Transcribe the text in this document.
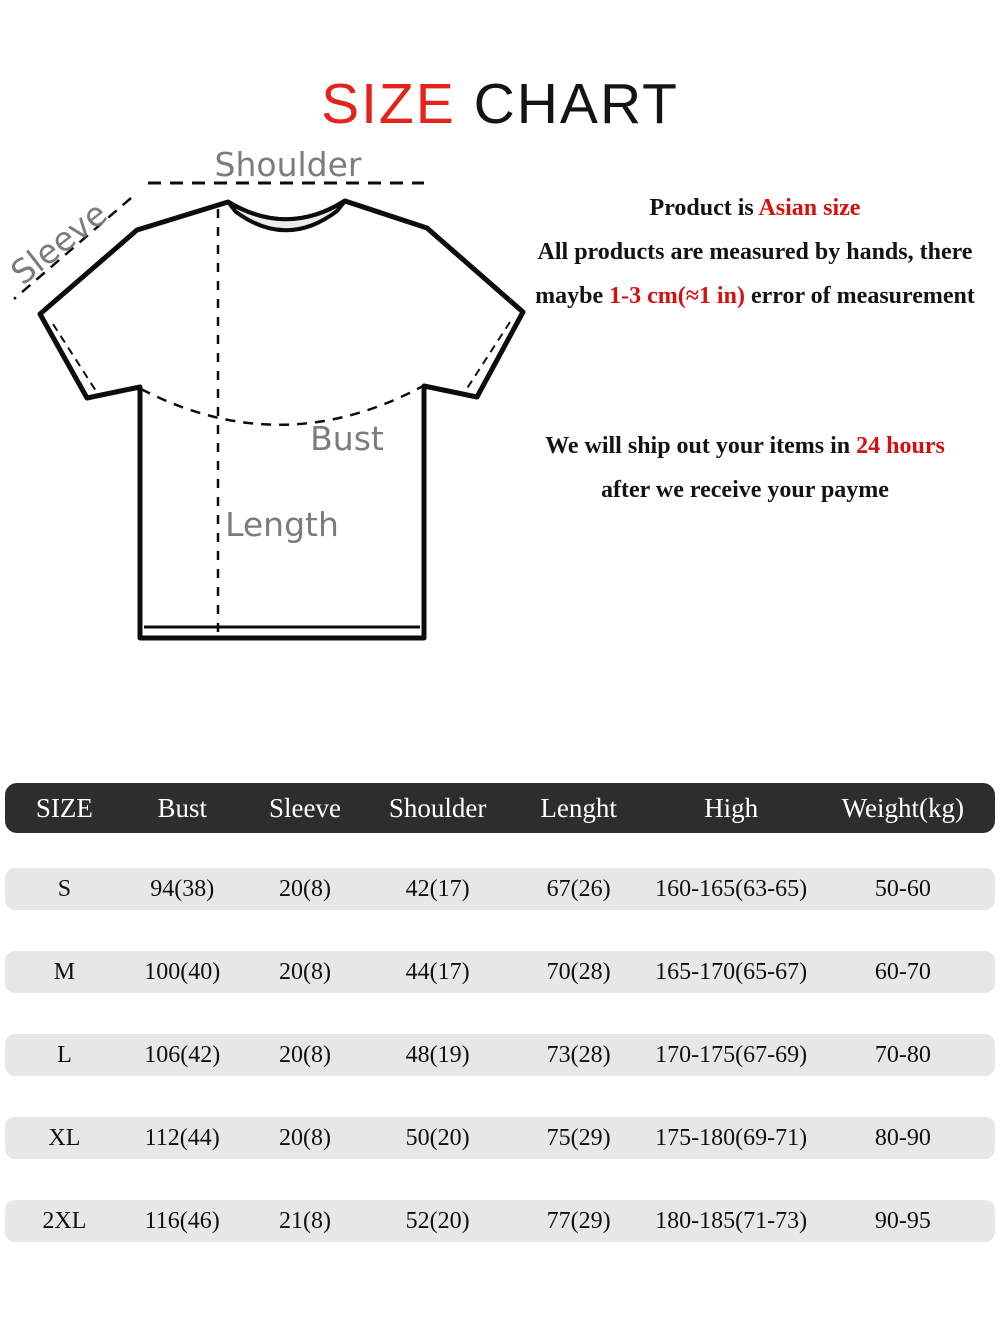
SIZE CHART
Shoulder
Sleeve
Bust
Length
Product is Asian size
All products are measured by hands, there
maybe 1-3 cm(≈1 in) error of measurement
We will ship out your items in 24 hours
after we receive your payme
SIZE	Bust	Sleeve	Shoulder	Lenght	High	Weight(kg)
S	94(38)	20(8)	42(17)	67(26)	160-165(63-65)	50-60
M	100(40)	20(8)	44(17)	70(28)	165-170(65-67)	60-70
L	106(42)	20(8)	48(19)	73(28)	170-175(67-69)	70-80
XL	112(44)	20(8)	50(20)	75(29)	175-180(69-71)	80-90
2XL	116(46)	21(8)	52(20)	77(29)	180-185(71-73)	90-95
